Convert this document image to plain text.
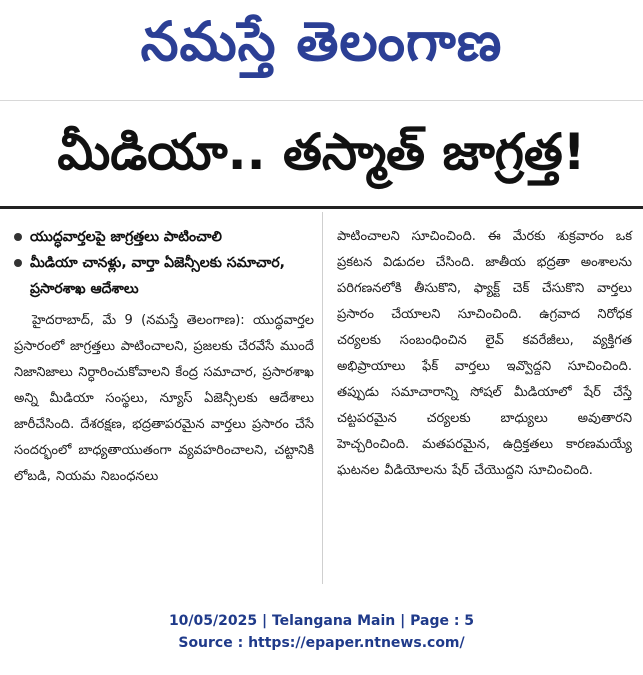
నమస్తే తెలంగాణ
మీడియా.. తస్మాత్ జాగ్రత్త!
యుద్ధవార్తలపై జాగ్రత్తలు పాటించాలి
మీడియా చానళ్లు, వార్తా ఏజెన్సీలకు సమాచార, ప్రసారశాఖ ఆదేశాలు

హైదరాబాద్, మే 9 (నమస్తే తెలంగాణ): యుద్ధవార్తల ప్రసారంలో జాగ్రత్తలు పాటించాలని, ప్రజలకు చేరవేసే ముందే నిజానిజాలు నిర్ధారించుకోవాలని కేంద్ర సమాచార, ప్రసారశాఖ అన్ని మీడియా సంస్థలు, న్యూస్ ఏజెన్సీలకు ఆదేశాలు జారీచేసింది. దేశరక్షణ, భద్రతాపరమైన వార్తలు ప్రసారం చేసే సందర్భంలో బాధ్యతాయుతంగా వ్యవహరించాలని, చట్టానికి లోబడి, నియమ నిబంధనలు

పాటించాలని సూచించింది. ఈ మేరకు శుక్రవారం ఒక ప్రకటన విడుదల చేసింది. జాతీయ భద్రతా అంశాలను పరిగణనలోకి తీసుకొని, ఫ్యాక్ట్ చెక్ చేసుకొని వార్తలు ప్రసారం చేయాలని సూచించింది. ఉగ్రవాద నిరోధక చర్యలకు సంబంధించిన లైవ్ కవరేజీలు, వ్యక్తిగత అభిప్రాయాలు ఫేక్ వార్తలు ఇవ్వొద్దని సూచించింది. తప్పుడు సమాచారాన్ని సోషల్ మీడియాలో షేర్ చేస్తే చట్టపరమైన చర్యలకు బాధ్యులు అవుతారని హెచ్చరించింది. మతపరమైన, ఉద్రిక్తతలు కారణమయ్యే ఘటనల వీడియోలను షేర్ చేయొద్దని సూచించింది.

10/05/2025 | Telangana Main | Page : 5
Source : https://epaper.ntnews.com/
